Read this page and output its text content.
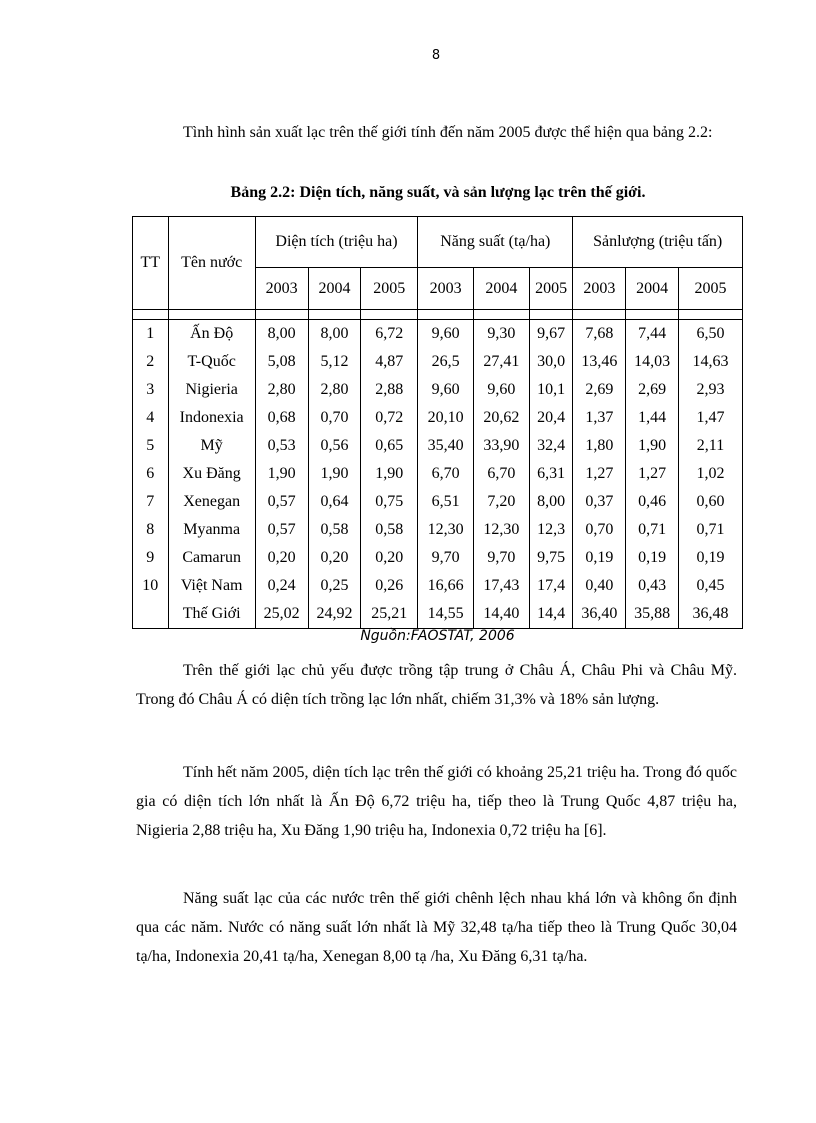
8

Tình hình sản xuất lạc trên thế giới tính đến năm 2005 được thể hiện qua bảng 2.2:

Bảng 2.2: Diện tích, năng suất, và sản lượng lạc trên thế giới.
TT	Tên nước	Diện tích (triệu ha)			Năng suất (tạ/ha)			Sảnlượng (triệu tấn)		
		2003	2004	2005	2003	2004	2005	2003	2004	2005

1	Ấn Độ	8,00	8,00	6,72	9,60	9,30	9,67	7,68	7,44	6,50
2	T-Quốc	5,08	5,12	4,87	26,5	27,41	30,0	13,46	14,03	14,63
3	Nigieria	2,80	2,80	2,88	9,60	9,60	10,1	2,69	2,69	2,93
4	Indonexia	0,68	0,70	0,72	20,10	20,62	20,4	1,37	1,44	1,47
5	Mỹ	0,53	0,56	0,65	35,40	33,90	32,4	1,80	1,90	2,11
6	Xu Đăng	1,90	1,90	1,90	6,70	6,70	6,31	1,27	1,27	1,02
7	Xenegan	0,57	0,64	0,75	6,51	7,20	8,00	0,37	0,46	0,60
8	Myanma	0,57	0,58	0,58	12,30	12,30	12,3	0,70	0,71	0,71
9	Camarun	0,20	0,20	0,20	9,70	9,70	9,75	0,19	0,19	0,19
10	Việt Nam	0,24	0,25	0,26	16,66	17,43	17,4	0,40	0,43	0,45
	Thế Giới	25,02	24,92	25,21	14,55	14,40	14,4	36,40	35,88	36,48
Nguồn:FAOSTAT, 2006

Trên thế giới lạc chủ yếu được trồng tập trung ở Châu Á, Châu Phi và Châu Mỹ. Trong đó Châu Á có diện tích trồng lạc lớn nhất, chiếm 31,3% và 18% sản lượng.

Tính hết năm 2005, diện tích lạc trên thế giới có khoảng 25,21 triệu ha. Trong đó quốc gia có diện tích lớn nhất là Ấn Độ 6,72 triệu ha, tiếp theo là Trung Quốc 4,87 triệu ha, Nigieria 2,88 triệu ha, Xu Đăng 1,90 triệu ha, Indonexia 0,72 triệu ha [6].

Năng suất lạc của các nước trên thế giới chênh lệch nhau khá lớn và không ổn định qua các năm. Nước có năng suất lớn nhất là Mỹ 32,48 tạ/ha tiếp theo là Trung Quốc 30,04 tạ/ha, Indonexia 20,41 tạ/ha, Xenegan 8,00 tạ /ha, Xu Đăng 6,31 tạ/ha.
